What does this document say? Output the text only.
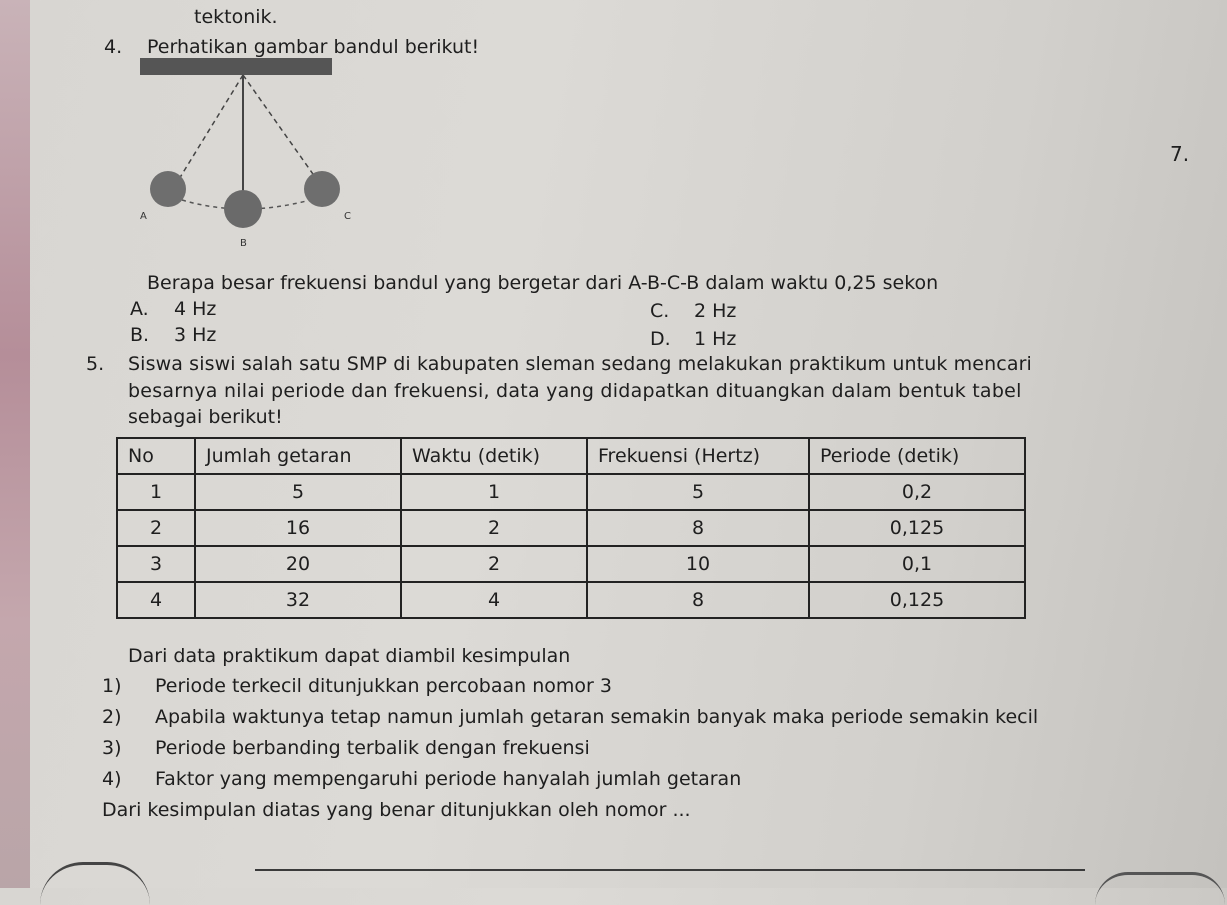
tektonik.
4. Perhatikan gambar bandul berikut!
7.
A
B
C
Berapa besar frekuensi bandul yang bergetar dari A-B-C-B dalam waktu 0,25 sekon
A. 4 Hz
B. 3 Hz
C. 2 Hz
D. 1 Hz
5. Siswa siswi salah satu SMP di kabupaten sleman sedang melakukan praktikum untuk mencari
besarnya nilai periode dan frekuensi, data yang didapatkan dituangkan dalam bentuk tabel
sebagai berikut!
No	Jumlah getaran	Waktu (detik)	Frekuensi (Hertz)	Periode (detik)
1	5	1	5	0,2
2	16	2	8	0,125
3	20	2	10	0,1
4	32	4	8	0,125
Dari data praktikum dapat diambil kesimpulan
1) Periode terkecil ditunjukkan percobaan nomor 3
2) Apabila waktunya tetap namun jumlah getaran semakin banyak maka periode semakin kecil
3) Periode berbanding terbalik dengan frekuensi
4) Faktor yang mempengaruhi periode hanyalah jumlah getaran
Dari kesimpulan diatas yang benar ditunjukkan oleh nomor ...
